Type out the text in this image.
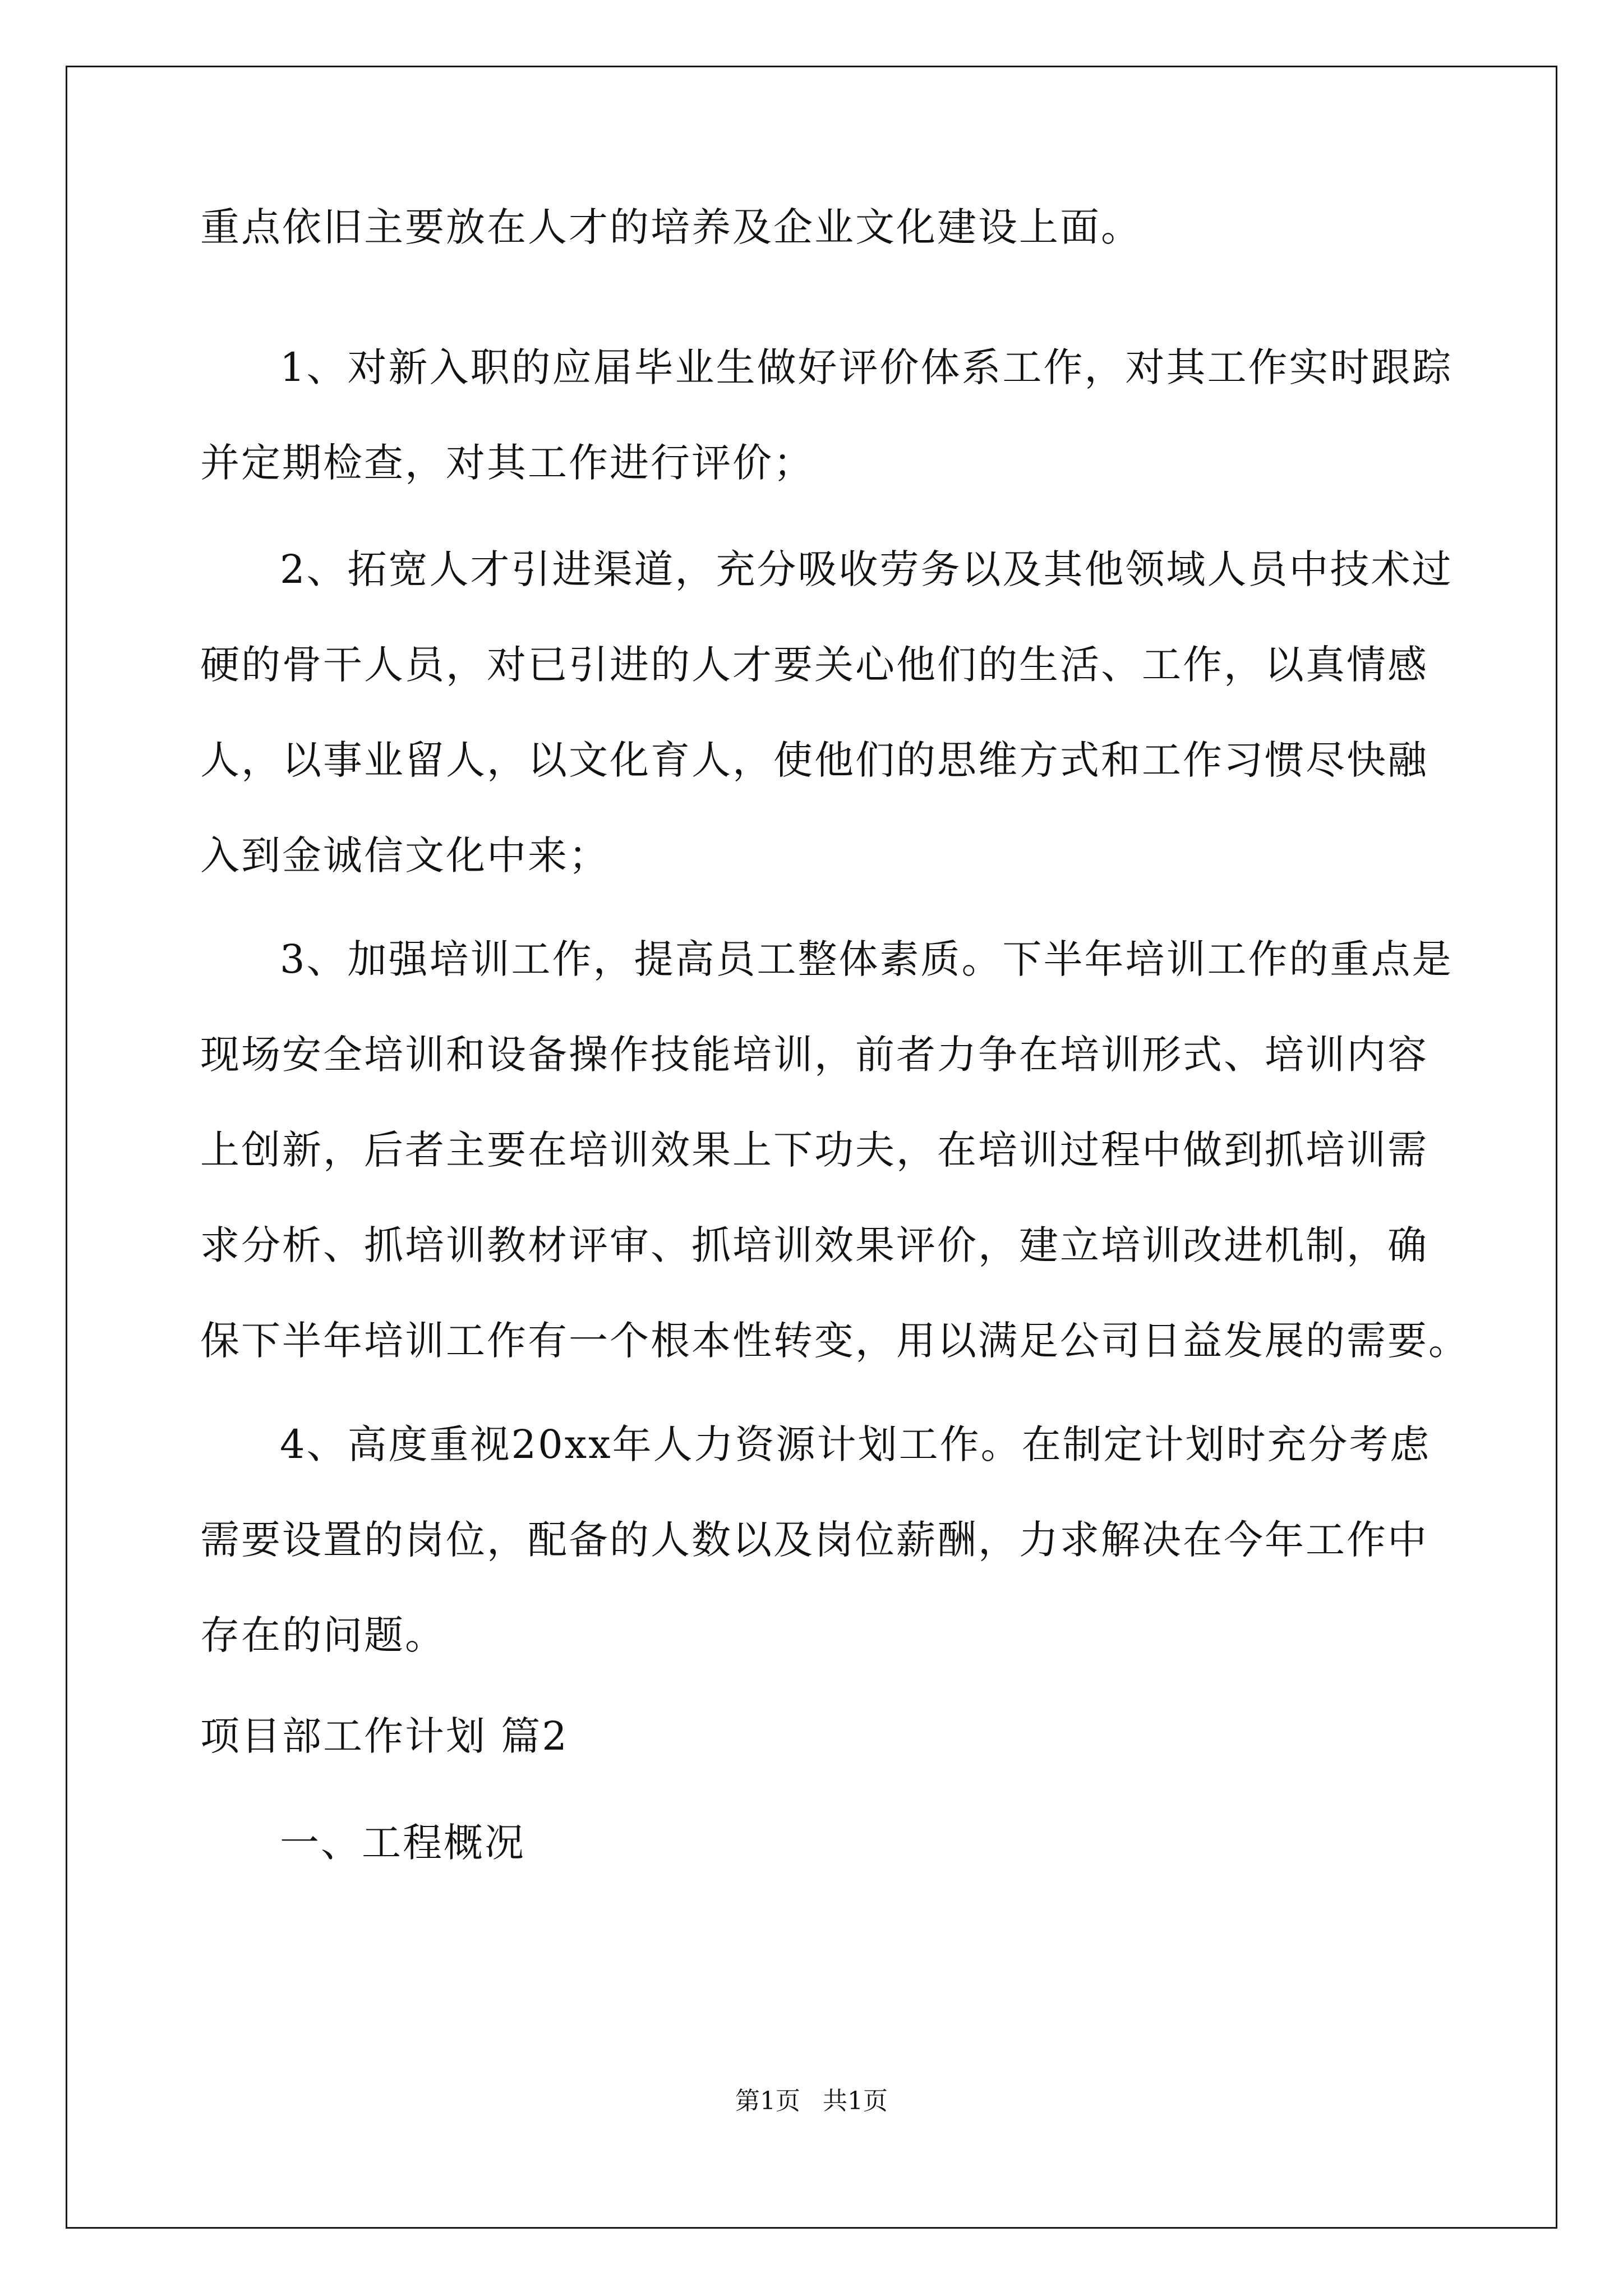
重点依旧主要放在人才的培养及企业文化建设上面。
1、对新入职的应届毕业生做好评价体系工作，对其工作实时跟踪
并定期检查，对其工作进行评价；
2、拓宽人才引进渠道，充分吸收劳务以及其他领域人员中技术过
硬的骨干人员，对已引进的人才要关心他们的生活、工作，以真情感
人，以事业留人，以文化育人，使他们的思维方式和工作习惯尽快融
入到金诚信文化中来；
3、加强培训工作，提高员工整体素质。下半年培训工作的重点是
现场安全培训和设备操作技能培训，前者力争在培训形式、培训内容
上创新，后者主要在培训效果上下功夫，在培训过程中做到抓培训需
求分析、抓培训教材评审、抓培训效果评价，建立培训改进机制，确
保下半年培训工作有一个根本性转变，用以满足公司日益发展的需要。
4、高度重视20xx年人力资源计划工作。在制定计划时充分考虑
需要设置的岗位，配备的人数以及岗位薪酬，力求解决在今年工作中
存在的问题。
项目部工作计划 篇2
一、工程概况
第1页 共1页
